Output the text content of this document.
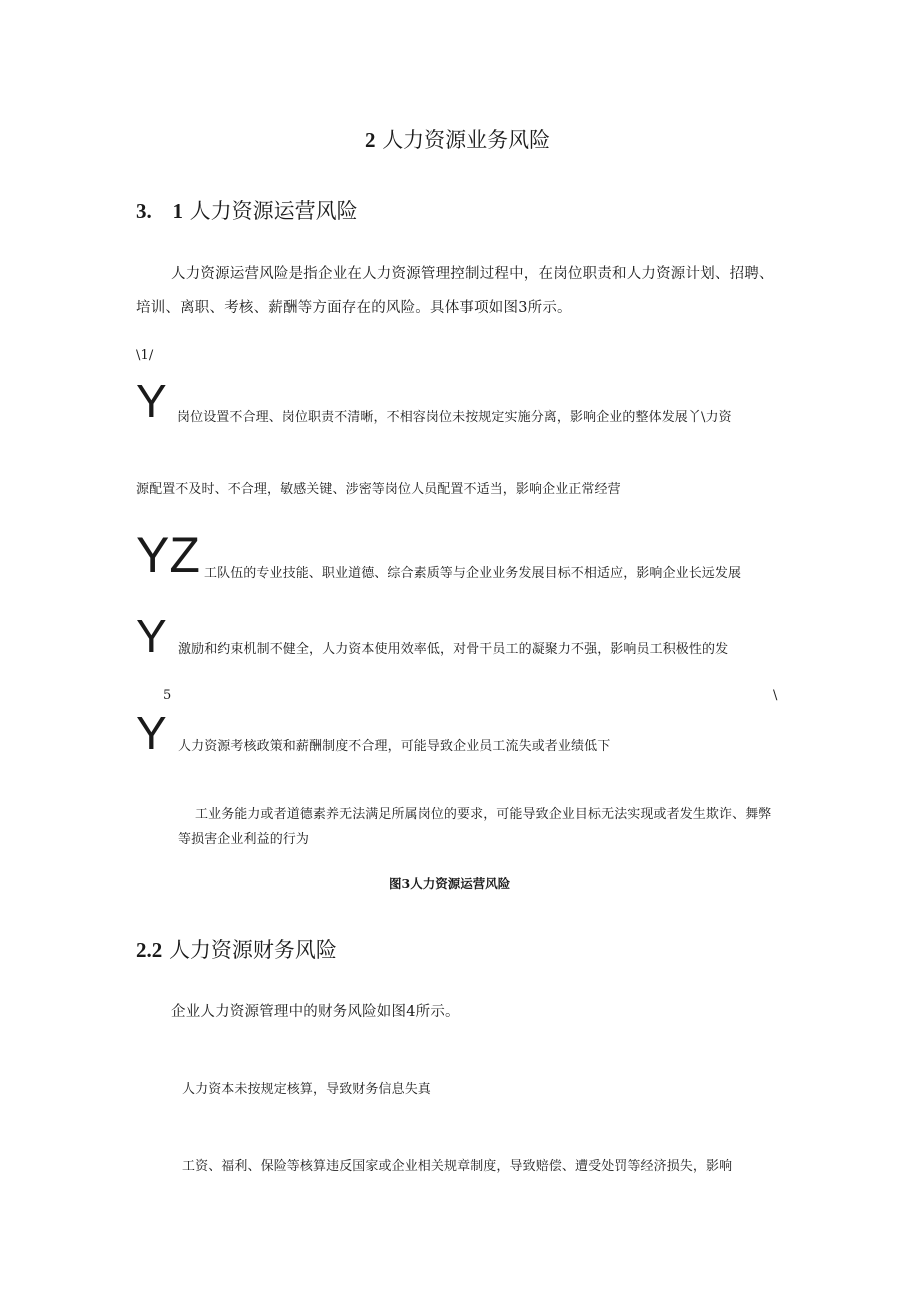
2 人力资源业务风险
3. 1 人力资源运营风险
人力资源运营风险是指企业在人力资源管理控制过程中，在岗位职责和人力资源计划、招聘、培训、离职、考核、薪酬等方面存在的风险。具体事项如图3所示。
\1/
Y 岗位设置不合理、岗位职责不清晰，不相容岗位未按规定实施分离，影响企业的整体发展丫\力资
源配置不及时、不合理，敏感关键、涉密等岗位人员配置不适当，影响企业正常经营
YZ 工队伍的专业技能、职业道德、综合素质等与企业业务发展目标不相适应，影响企业长远发展
Y 激励和约束机制不健全，人力资本使用效率低，对骨干员工的凝聚力不强，影响员工积极性的发
5	\
Y 人力资源考核政策和薪酬制度不合理，可能导致企业员工流失或者业绩低下
工业务能力或者道德素养无法满足所属岗位的要求，可能导致企业目标无法实现或者发生欺诈、舞弊等损害企业利益的行为
图3人力资源运营风险
2.2 人力资源财务风险
企业人力资源管理中的财务风险如图4所示。
人力资本未按规定核算，导致财务信息失真
工资、福利、保险等核算违反国家或企业相关规章制度，导致赔偿、遭受处罚等经济损失，影响
